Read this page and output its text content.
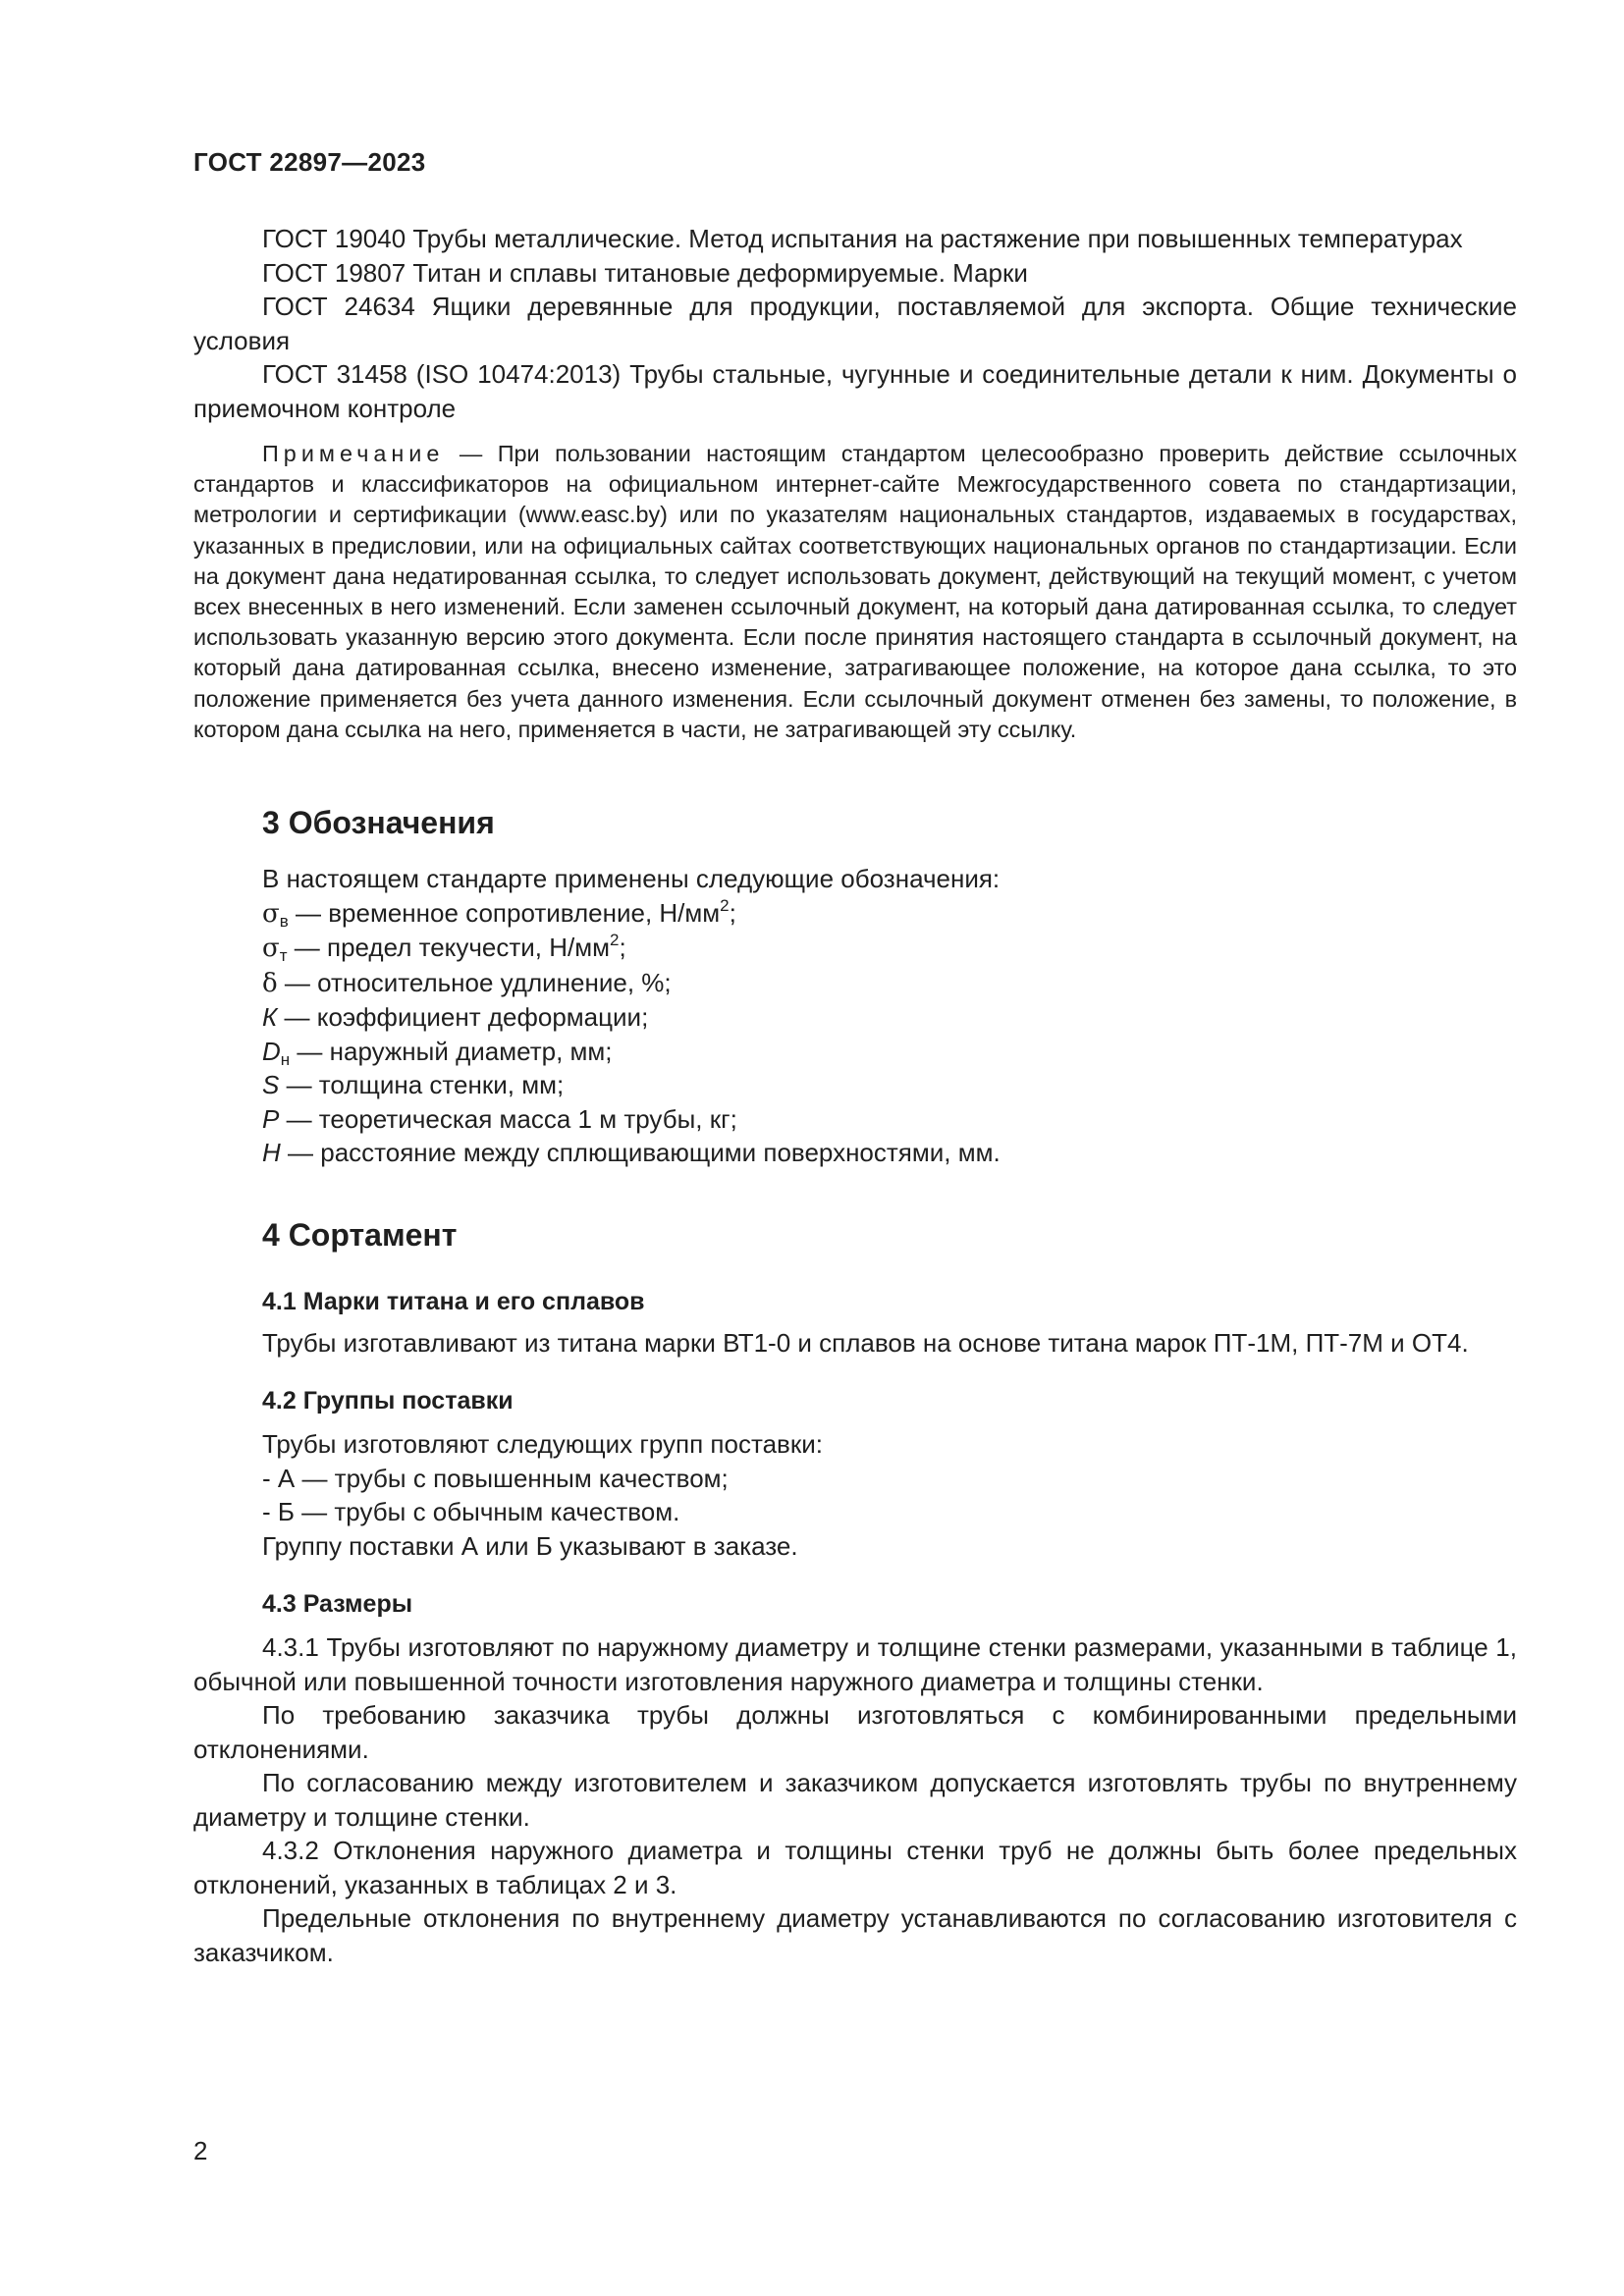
ГОСТ 22897—2023

ГОСТ 19040 Трубы металлические. Метод испытания на растяжение при повышенных температурах

ГОСТ 19807 Титан и сплавы титановые деформируемые. Марки

ГОСТ 24634 Ящики деревянные для продукции, поставляемой для экспорта. Общие технические условия

ГОСТ 31458 (ISO 10474:2013) Трубы стальные, чугунные и соединительные детали к ним. Документы о приемочном контроле

Примечание — При пользовании настоящим стандартом целесообразно проверить действие ссылочных стандартов и классификаторов на официальном интернет-сайте Межгосударственного совета по стандартизации, метрологии и сертификации (www.easc.by) или по указателям национальных стандартов, издаваемых в государствах, указанных в предисловии, или на официальных сайтах соответствующих национальных органов по стандартизации. Если на документ дана недатированная ссылка, то следует использовать документ, действующий на текущий момент, с учетом всех внесенных в него изменений. Если заменен ссылочный документ, на который дана датированная ссылка, то следует использовать указанную версию этого документа. Если после принятия настоящего стандарта в ссылочный документ, на который дана датированная ссылка, внесено изменение, затрагивающее положение, на которое дана ссылка, то это положение применяется без учета данного изменения. Если ссылочный документ отменен без замены, то положение, в котором дана ссылка на него, применяется в части, не затрагивающей эту ссылку.

3 Обозначения
В настоящем стандарте применены следующие обозначения:
$\sigma_в$ — временное сопротивление, $Н/мм^2$;
$\sigma_т$ — предел текучести, $Н/мм^2$;
δ — относительное удлинение, %;
К — коэффициент деформации;
$D_н$ — наружный диаметр, мм;
S — толщина стенки, мм;
Р — теоретическая масса 1 м трубы, кг;
Н — расстояние между сплющивающими поверхностями, мм.
4 Сортамент
4.1 Марки титана и его сплавов

Трубы изготавливают из титана марки ВТ1-0 и сплавов на основе титана марок ПТ-1М, ПТ-7М и ОТ4.

4.2 Группы поставки
Трубы изготовляют следующих групп поставки:
- А — трубы с повышенным качеством;
- Б — трубы с обычным качеством.
Группу поставки А или Б указывают в заказе.
4.3 Размеры

4.3.1 Трубы изготовляют по наружному диаметру и толщине стенки размерами, указанными в таблице 1, обычной или повышенной точности изготовления наружного диаметра и толщины стенки.

По требованию заказчика трубы должны изготовляться с комбинированными предельными отклонениями.

По согласованию между изготовителем и заказчиком допускается изготовлять трубы по внутреннему диаметру и толщине стенки.

4.3.2 Отклонения наружного диаметра и толщины стенки труб не должны быть более предельных отклонений, указанных в таблицах 2 и 3.

Предельные отклонения по внутреннему диаметру устанавливаются по согласованию изготовителя с заказчиком.

2
